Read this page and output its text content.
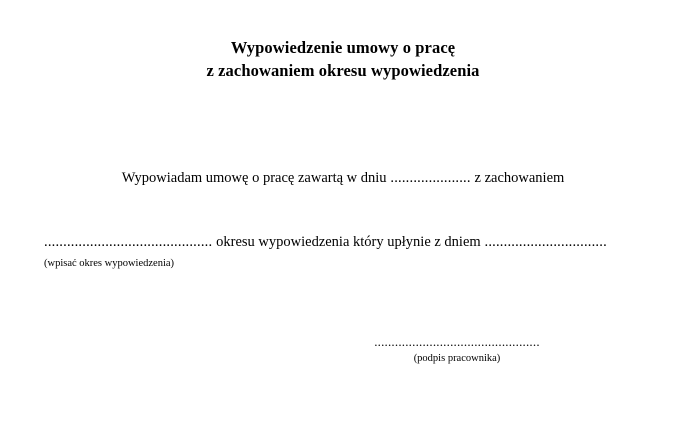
Wypowiedzenie umowy o pracę
z zachowaniem okresu wypowiedzenia
Wypowiadam umowę o pracę zawartą w dniu ..................... z zachowaniem
............................................ okresu wypowiedzenia który upłynie z dniem ................................
(wpisać okres wypowiedzenia)
................................................
(podpis pracownika)
